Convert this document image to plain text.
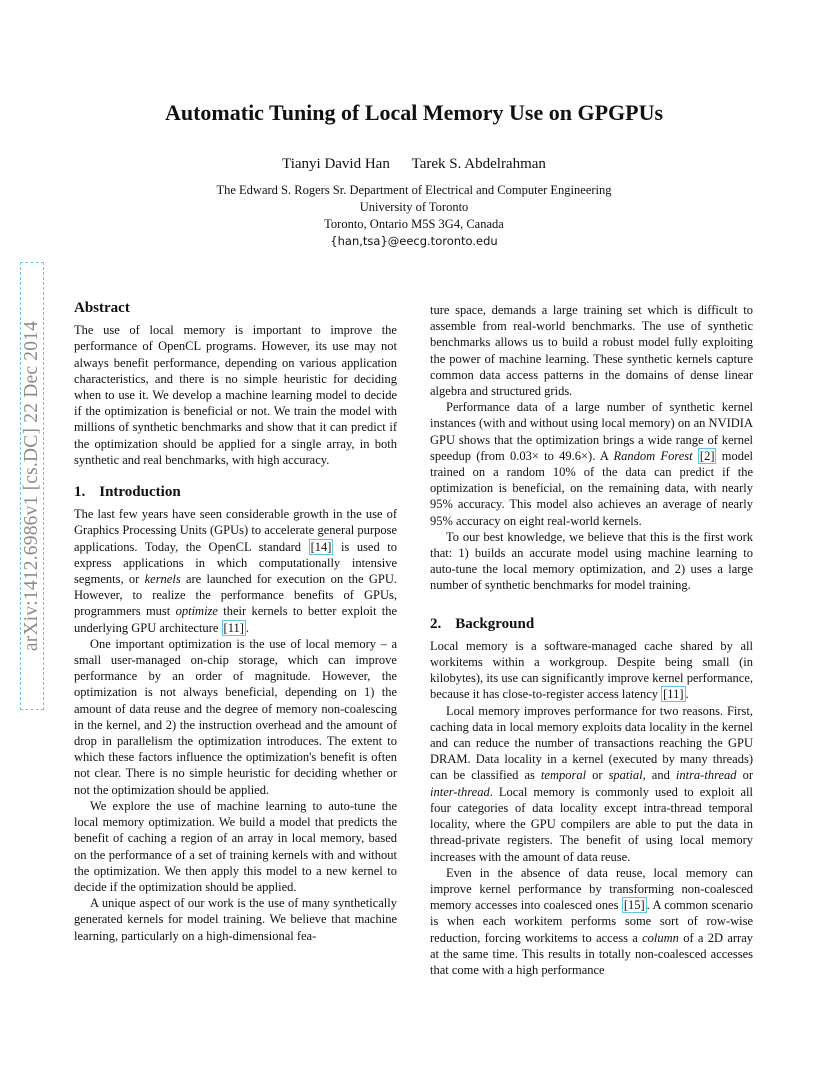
Automatic Tuning of Local Memory Use on GPGPUs
Tianyi David Han Tarek S. Abdelrahman
The Edward S. Rogers Sr. Department of Electrical and Computer Engineering
University of Toronto
Toronto, Ontario M5S 3G4, Canada
{han,tsa}@eecg.toronto.edu
arXiv:1412.6986v1 [cs.DC] 22 Dec 2014
Abstract

The use of local memory is important to improve the performance of OpenCL programs. However, its use may not always benefit performance, depending on various application characteristics, and there is no simple heuristic for deciding when to use it. We develop a machine learning model to decide if the optimization is beneficial or not. We train the model with millions of synthetic benchmarks and show that it can predict if the optimization should be applied for a single array, in both synthetic and real benchmarks, with high accuracy.

1. Introduction

The last few years have seen considerable growth in the use of Graphics Processing Units (GPUs) to accelerate general purpose applications. Today, the OpenCL standard [14] is used to express applications in which computationally intensive segments, or kernels are launched for execution on the GPU. However, to realize the performance benefits of GPUs, programmers must optimize their kernels to better exploit the underlying GPU architecture [11] .

One important optimization is the use of local memory – a small user-managed on-chip storage, which can improve performance by an order of magnitude. However, the optimization is not always beneficial, depending on 1) the amount of data reuse and the degree of memory non-coalescing in the kernel, and 2) the instruction overhead and the amount of drop in parallelism the optimization introduces. The extent to which these factors influence the optimization's benefit is often not clear. There is no simple heuristic for deciding whether or not the optimization should be applied.

We explore the use of machine learning to auto-tune the local memory optimization. We build a model that predicts the benefit of caching a region of an array in local memory, based on the performance of a set of training kernels with and without the optimization. We then apply this model to a new kernel to decide if the optimization should be applied.

A unique aspect of our work is the use of many synthetically generated kernels for model training. We believe that machine learning, particularly on a high-dimensional fea-

ture space, demands a large training set which is difficult to assemble from real-world benchmarks. The use of synthetic benchmarks allows us to build a robust model fully exploiting the power of machine learning. These synthetic kernels capture common data access patterns in the domains of dense linear algebra and structured grids.

Performance data of a large number of synthetic kernel instances (with and without using local memory) on an NVIDIA GPU shows that the optimization brings a wide range of kernel speedup (from 0.03× to 49.6×). A Random Forest [2] model trained on a random 10% of the data can predict if the optimization is beneficial, on the remaining data, with nearly 95% accuracy. This model also achieves an average of nearly 95% accuracy on eight real-world kernels.

To our best knowledge, we believe that this is the first work that: 1) builds an accurate model using machine learning to auto-tune the local memory optimization, and 2) uses a large number of synthetic benchmarks for model training.

2. Background

Local memory is a software-managed cache shared by all workitems within a workgroup. Despite being small (in kilobytes), its use can significantly improve kernel performance, because it has close-to-register access latency [11] .

Local memory improves performance for two reasons. First, caching data in local memory exploits data locality in the kernel and can reduce the number of transactions reaching the GPU DRAM. Data locality in a kernel (executed by many threads) can be classified as temporal or spatial, and intra-thread or inter-thread. Local memory is commonly used to exploit all four categories of data locality except intra-thread temporal locality, where the GPU compilers are able to put the data in thread-private registers. The benefit of using local memory increases with the amount of data reuse.

Even in the absence of data reuse, local memory can improve kernel performance by transforming non-coalesced memory accesses into coalesced ones [15] . A common scenario is when each workitem performs some sort of row-wise reduction, forcing workitems to access a column of a 2D array at the same time. This results in totally non-coalesced accesses that come with a high performance
